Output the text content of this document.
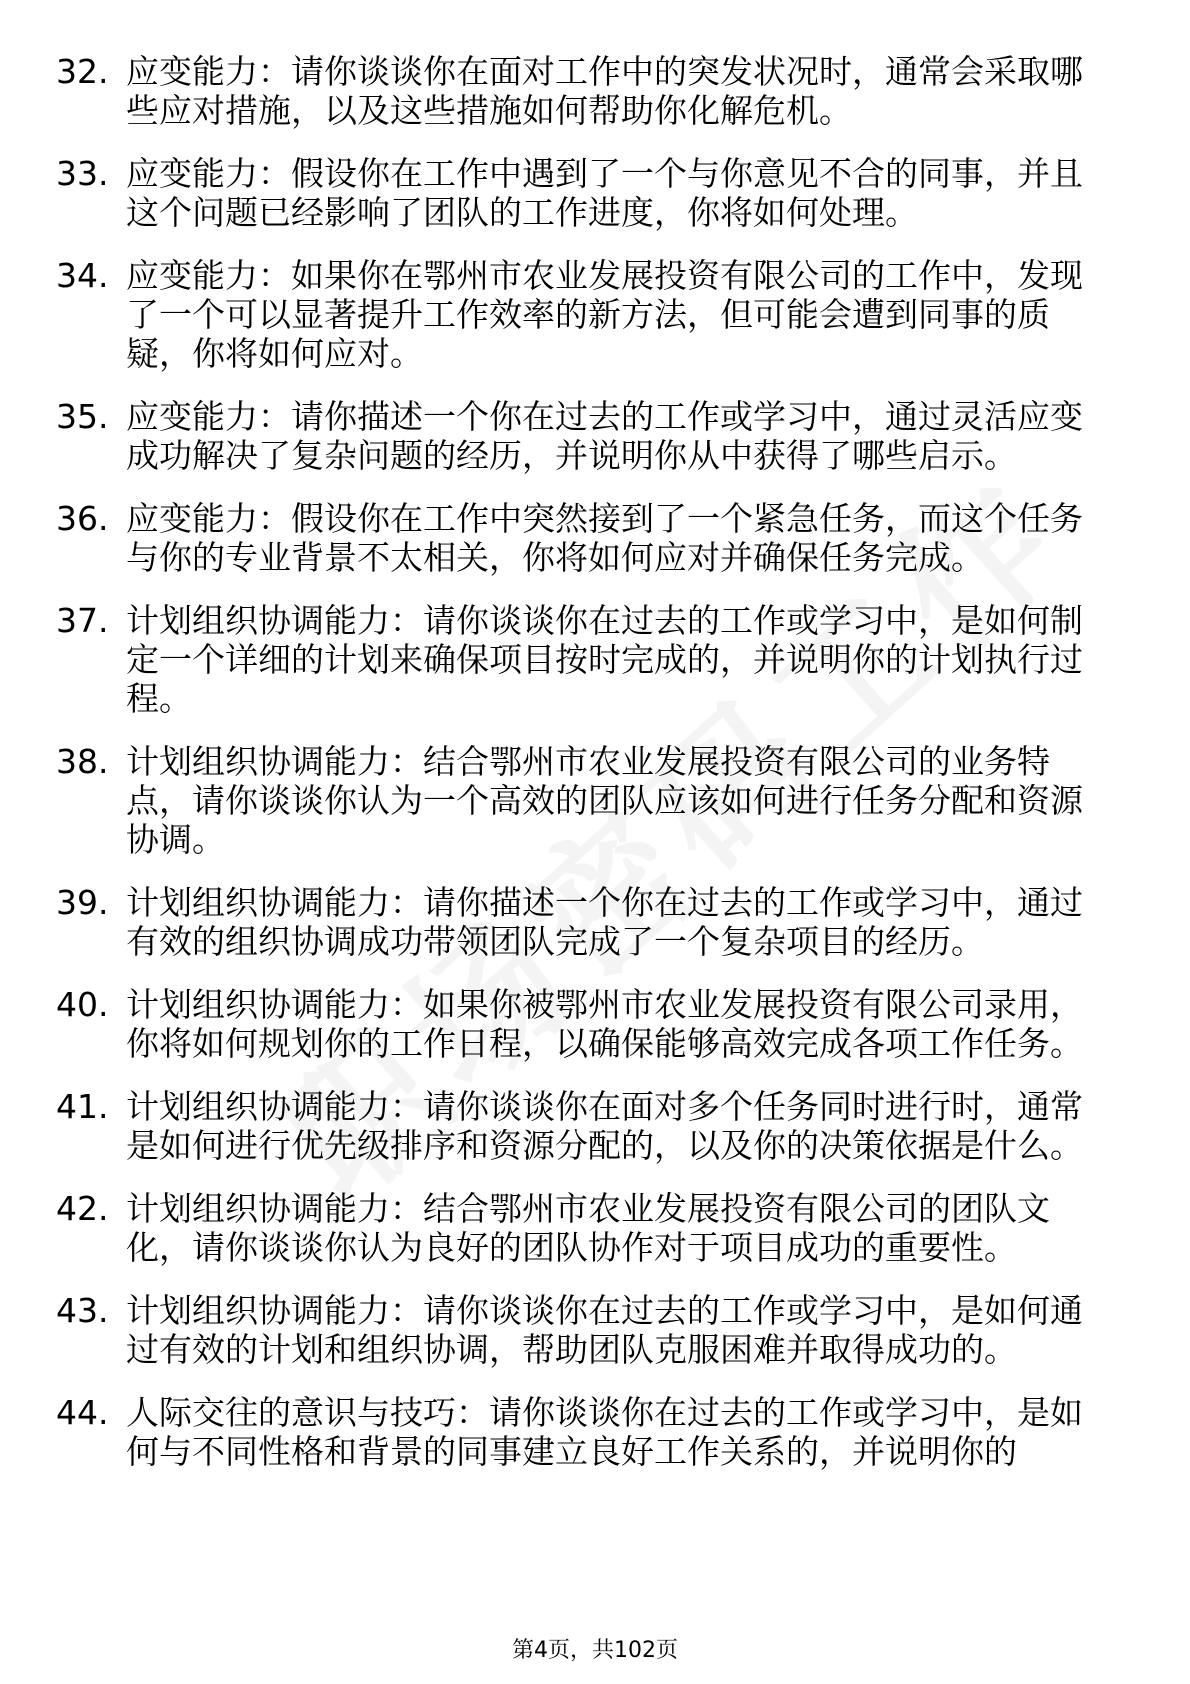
32. 应变能力：请你谈谈你在面对工作中的突发状况时，通常会采取哪些应对措施，以及这些措施如何帮助你化解危机。
33. 应变能力：假设你在工作中遇到了一个与你意见不合的同事，并且这个问题已经影响了团队的工作进度，你将如何处理。
34. 应变能力：如果你在鄂州市农业发展投资有限公司的工作中，发现了一个可以显著提升工作效率的新方法，但可能会遭到同事的质疑，你将如何应对。
35. 应变能力：请你描述一个你在过去的工作或学习中，通过灵活应变成功解决了复杂问题的经历，并说明你从中获得了哪些启示。
36. 应变能力：假设你在工作中突然接到了一个紧急任务，而这个任务与你的专业背景不太相关，你将如何应对并确保任务完成。
37. 计划组织协调能力：请你谈谈你在过去的工作或学习中，是如何制定一个详细的计划来确保项目按时完成的，并说明你的计划执行过程。
38. 计划组织协调能力：结合鄂州市农业发展投资有限公司的业务特点，请你谈谈你认为一个高效的团队应该如何进行任务分配和资源协调。
39. 计划组织协调能力：请你描述一个你在过去的工作或学习中，通过有效的组织协调成功带领团队完成了一个复杂项目的经历。
40. 计划组织协调能力：如果你被鄂州市农业发展投资有限公司录用，你将如何规划你的工作日程，以确保能够高效完成各项工作任务。
41. 计划组织协调能力：请你谈谈你在面对多个任务同时进行时，通常是如何进行优先级排序和资源分配的，以及你的决策依据是什么。
42. 计划组织协调能力：结合鄂州市农业发展投资有限公司的团队文化，请你谈谈你认为良好的团队协作对于项目成功的重要性。
43. 计划组织协调能力：请你谈谈你在过去的工作或学习中，是如何通过有效的计划和组织协调，帮助团队克服困难并取得成功的。
44. 人际交往的意识与技巧：请你谈谈你在过去的工作或学习中，是如何与不同性格和背景的同事建立良好工作关系的，并说明你的
第4页，共102页
